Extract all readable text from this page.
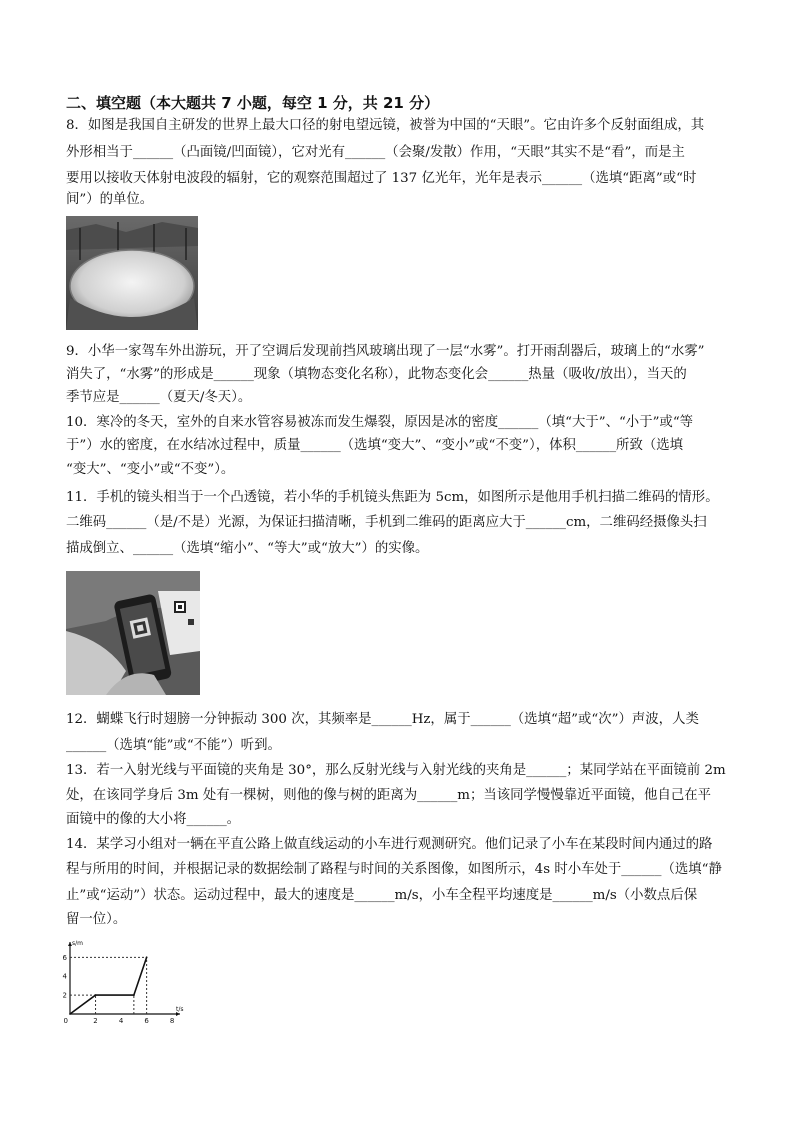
二、填空题（本大题共 7 小题，每空 1 分，共 21 分）
8．如图是我国自主研发的世界上最大口径的射电望远镜，被誉为中国的“天眼”。它由许多个反射面组成，其
外形相当于______（凸面镜/凹面镜），它对光有______（会聚/发散）作用，“天眼”其实不是“看”，而是主
要用以接收天体射电波段的辐射，它的观察范围超过了 137 亿光年，光年是表示______（选填“距离”或“时
间”）的单位。
9．小华一家驾车外出游玩，开了空调后发现前挡风玻璃出现了一层“水雾”。打开雨刮器后，玻璃上的“水雾”
消失了，“水雾”的形成是______现象（填物态变化名称），此物态变化会______热量（吸收/放出），当天的
季节应是______（夏天/冬天）。
10．寒冷的冬天，室外的自来水管容易被冻而发生爆裂，原因是冰的密度______（填“大于”、“小于”或“等
于”）水的密度，在水结冰过程中，质量______（选填“变大”、“变小”或“不变”），体积______所致（选填
“变大”、“变小”或“不变”）。
11．手机的镜头相当于一个凸透镜，若小华的手机镜头焦距为 5cm，如图所示是他用手机扫描二维码的情形。
二维码______（是/不是）光源，为保证扫描清晰，手机到二维码的距离应大于______cm，二维码经摄像头扫
描成倒立、______（选填“缩小”、“等大”或“放大”）的实像。
12．蝴蝶飞行时翅膀一分钟振动 300 次，其频率是______Hz，属于______（选填“超”或“次”）声波，人类
______（选填“能”或“不能”）听到。
13．若一入射光线与平面镜的夹角是 30°，那么反射光线与入射光线的夹角是______；某同学站在平面镜前 2m
处，在该同学身后 3m 处有一棵树，则他的像与树的距离为______m；当该同学慢慢靠近平面镜，他自己在平
面镜中的像的大小将______。
14．某学习小组对一辆在平直公路上做直线运动的小车进行观测研究。他们记录了小车在某段时间内通过的路
程与所用的时间，并根据记录的数据绘制了路程与时间的关系图像，如图所示，4s 时小车处于______（选填“静
止”或“运动”）状态。运动过程中，最大的速度是______m/s，小车全程平均速度是______m/s（小数点后保
留一位）。
2	4	6	8
2
4
6
0
t/s
s/m
